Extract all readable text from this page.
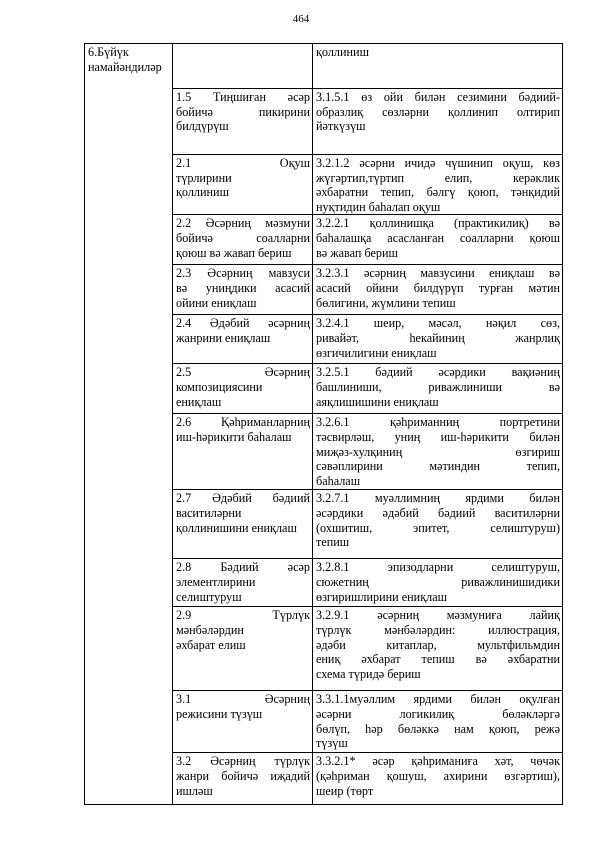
464
6.Бүйүк намайәндиләр		қоллиниш

	1.5 Тиңшиған әсәр
бойичә пикирини
билдүрүш	3.1.5.1 өз ойи билән сезимини бәдиий-
образлиқ сөзләрни қоллинип олтирип
йәткүзүш

	2.1 Оқуш
түрлирини
қоллиниш	3.2.1.2 әсәрни ичидә чүшинип оқуш, көз
жүгәртип,түртип елип, керәклик
әхбаратни тепип, бәлгү қоюп, тәнқидий
нуқтидин баһалап оқуш

	2.2 Әсәрниң мәзмуни
бойичә соалларни
қоюш вә жавап бериш	3.2.2.1 қоллинишқа (практикилиқ) вә
баһалашқа асасланған соалларни қоюш
вә жавап бериш

	2.3 Әсәрниң мавзуси
вә униңдики асасий
ойини ениқлаш	3.2.3.1 әсәрниң мавзусини ениқлаш вә
асасий ойини билдүрүп турған мәтин
бөлигини, жүмлини тепиш

	2.4 Әдәбий әсәрниң
жанрини ениқлаш	3.2.4.1 шеир, мәсәл, нәқил сөз,
ривайәт, һекайиниң жанрлиқ
өзгичилигини ениқлаш

	2.5 Әсәрниң
композициясини
ениқлаш	3.2.5.1 бәдиий әсәрдики вақиәниң
башлиниши, риважлиниши вә
аяқлишишини ениқлаш

	2.6 Қәһриманларниң
иш-һәрикити баһалаш	3.2.6.1 қәһриманниң портретини
тәсвирләш, униң иш-һәрикити билән
миҗәз-хулқиниң өзгириш
сәвәплирини мәтиндин тепип,
баһалаш

	2.7 Әдәбий бәдиий
васитиләрни
қоллинишини ениқлаш	3.2.7.1 муәллимниң ярдими билән
әсәрдики әдәбий бәдиий васитиләрни
(охшитиш, эпитет, селиштуруш)
тепиш

	2.8 Бәдиий әсәр
элементлирини
селиштуруш	3.2.8.1 эпизодларни селиштуруш,
сюжетниң риважлинишидики
өзгиришлирини ениқлаш

	2.9 Түрлүк
мәнбәләрдин
әхбарат елиш	3.2.9.1 әсәрниң мәзмуниға лайиқ
түрлүк мәнбәләрдин: иллюстрация,
әдәби китаплар, мультфильмдин
ениқ әхбарат тепиш вә әхбаратни
схема түридә бериш

	3.1 Әсәрниң
режисини түзүш	3.3.1.1муәллим ярдими билән оқулған
әсәрни логикилиқ бөләкләргә
бөлүп, һәр бөләккә нам қоюп, режә
түзүш

	3.2 Әсәрниң түрлүк
жанри бойичә иҗадий
ишләш	3.3.2.1* әсәр қәһриманиға хәт, чөчәк
(қәһриман қошуш, ахирини өзгәртиш),
шеир (төрт
